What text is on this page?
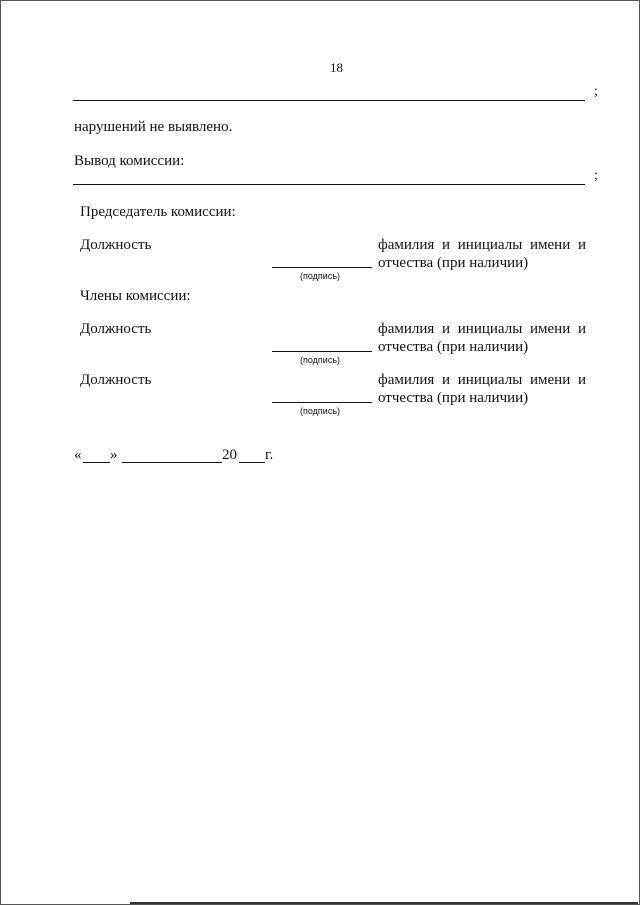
18
;
нарушений не выявлено.
Вывод комиссии:
;
Председатель комиссии:
Должность
(подпись)
фамилия и инициалы имени и
отчества (при наличии)
Члены комиссии:
Должность
(подпись)
фамилия и инициалы имени и
отчества (при наличии)
Должность
(подпись)
фамилия и инициалы имени и
отчества (при наличии)
« »	20 г.
